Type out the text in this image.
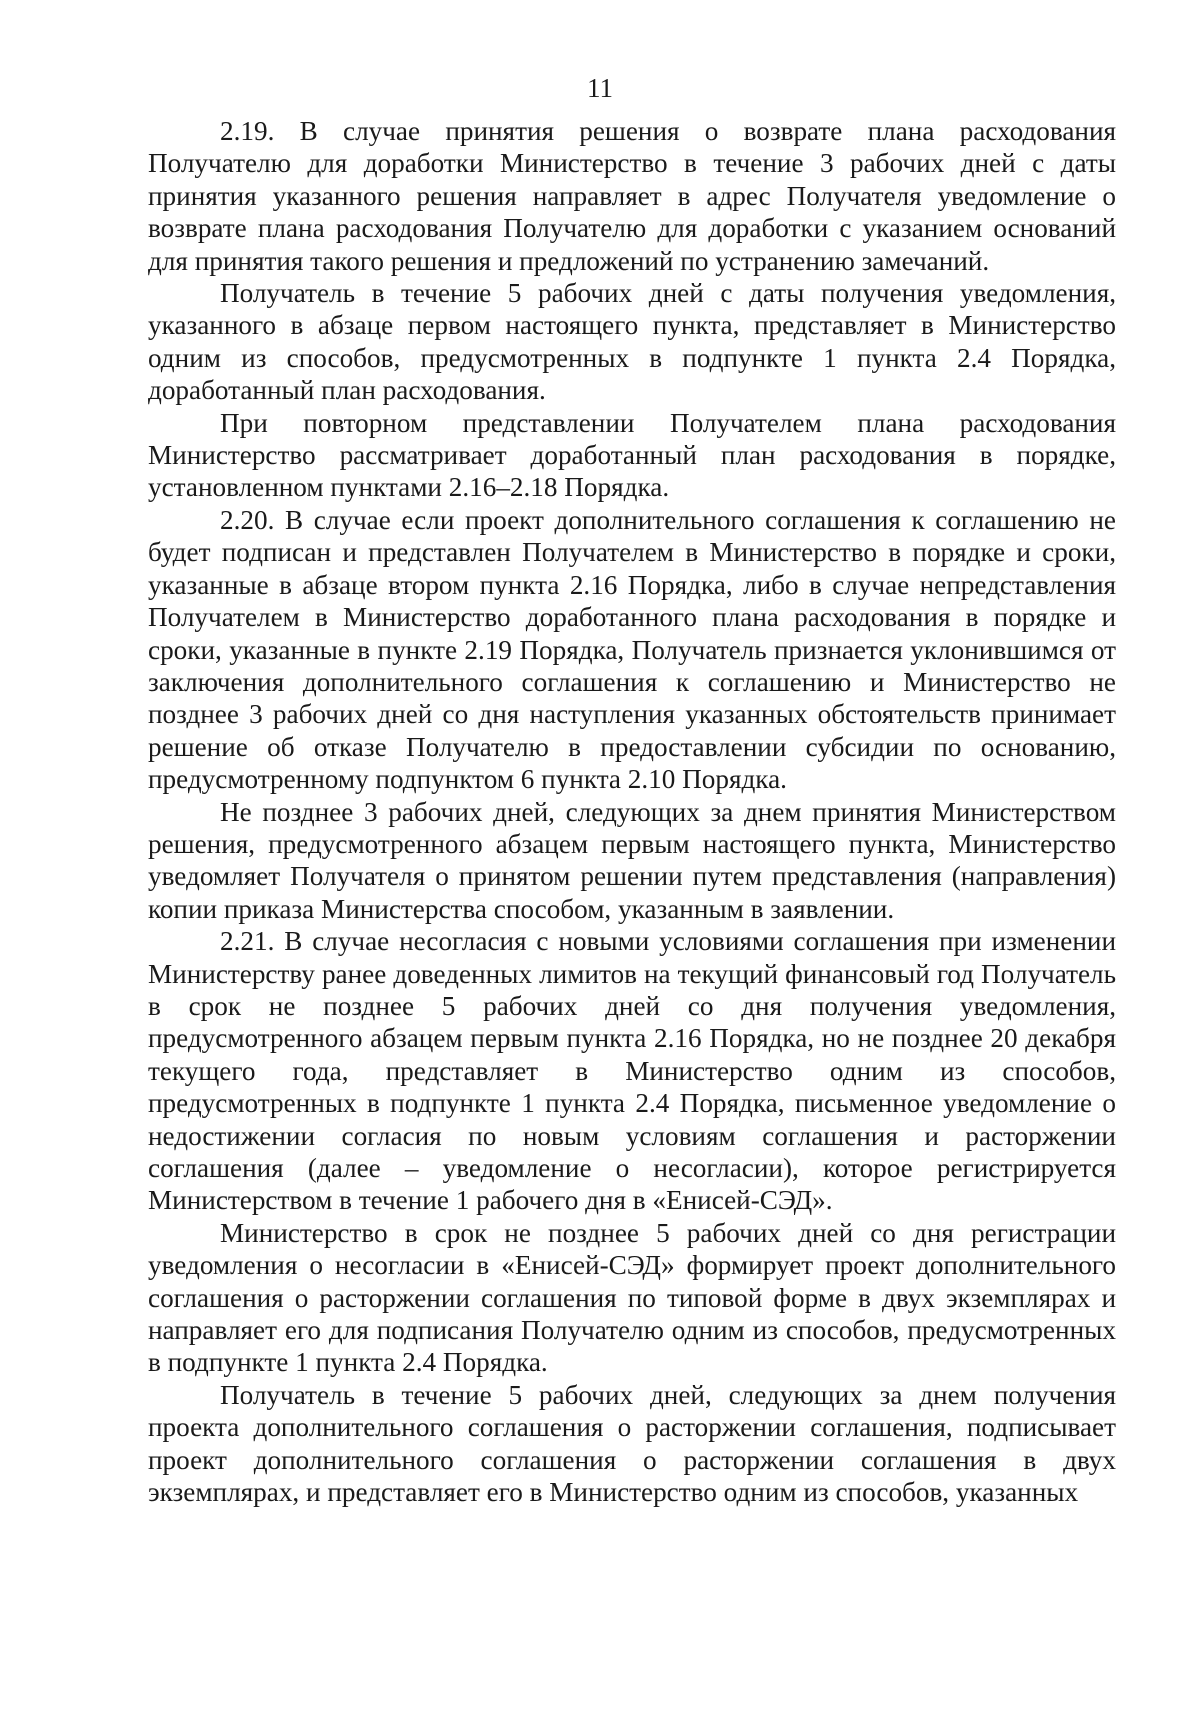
11

2.19. В случае принятия решения о возврате плана расходования Получателю для доработки Министерство в течение 3 рабочих дней с даты принятия указанного решения направляет в адрес Получателя уведомление о возврате плана расходования Получателю для доработки с указанием оснований для принятия такого решения и предложений по устранению замечаний.

Получатель в течение 5 рабочих дней с даты получения уведомления, указанного в абзаце первом настоящего пункта, представляет в Министерство одним из способов, предусмотренных в подпункте 1 пункта 2.4 Порядка, доработанный план расходования.

При повторном представлении Получателем плана расходования Министерство рассматривает доработанный план расходования в порядке, установленном пунктами 2.16–2.18 Порядка.

2.20. В случае если проект дополнительного соглашения к соглашению не будет подписан и представлен Получателем в Министерство в порядке и сроки, указанные в абзаце втором пункта 2.16 Порядка, либо в случае непредставления Получателем в Министерство доработанного плана расходования в порядке и сроки, указанные в пункте 2.19 Порядка, Получатель признается уклонившимся от заключения дополнительного соглашения к соглашению и Министерство не позднее 3 рабочих дней со дня наступления указанных обстоятельств принимает решение об отказе Получателю в предоставлении субсидии по основанию, предусмотренному подпунктом 6 пункта 2.10 Порядка.

Не позднее 3 рабочих дней, следующих за днем принятия Министерством решения, предусмотренного абзацем первым настоящего пункта, Министерство уведомляет Получателя о принятом решении путем представления (направления) копии приказа Министерства способом, указанным в заявлении.

2.21. В случае несогласия с новыми условиями соглашения при изменении Министерству ранее доведенных лимитов на текущий финансовый год Получатель в срок не позднее 5 рабочих дней со дня получения уведомления, предусмотренного абзацем первым пункта 2.16 Порядка, но не позднее 20 декабря текущего года, представляет в Министерство одним из способов, предусмотренных в подпункте 1 пункта 2.4 Порядка, письменное уведомление о недостижении согласия по новым условиям соглашения и расторжении соглашения (далее – уведомление о несогласии), которое регистрируется Министерством в течение 1 рабочего дня в «Енисей-СЭД».

Министерство в срок не позднее 5 рабочих дней со дня регистрации уведомления о несогласии в «Енисей-СЭД» формирует проект дополнительного соглашения о расторжении соглашения по типовой форме в двух экземплярах и направляет его для подписания Получателю одним из способов, предусмотренных в подпункте 1 пункта 2.4 Порядка.

Получатель в течение 5 рабочих дней, следующих за днем получения проекта дополнительного соглашения о расторжении соглашения, подписывает проект дополнительного соглашения о расторжении соглашения в двух экземплярах, и представляет его в Министерство одним из способов, указанных
